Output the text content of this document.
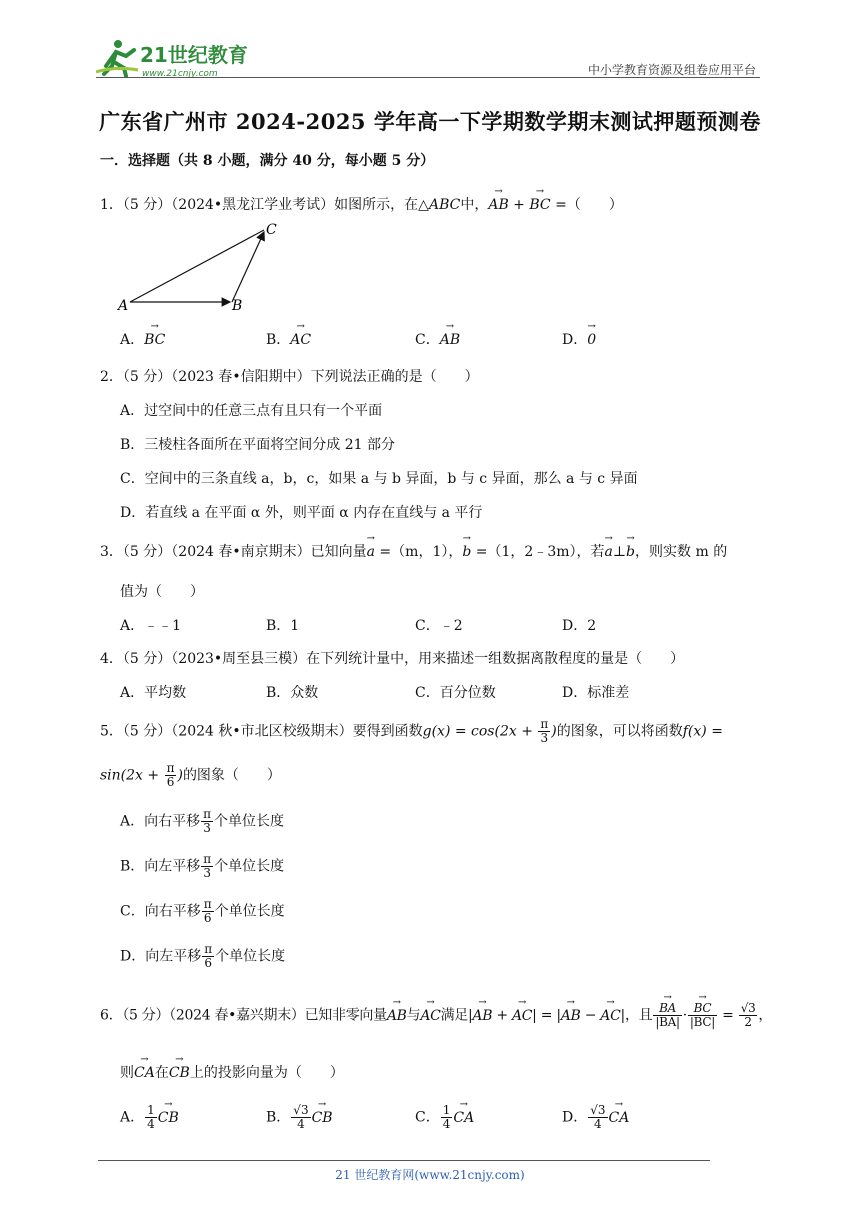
21世纪教育
www.21cnjy.com	中小学教育资源及组卷应用平台
广东省广州市 2024-2025 学年高一下学期数学期末测试押题预测卷
一．选择题（共 8 小题，满分 40 分，每小题 5 分）
1．（5 分）（2024•黑龙江学业考试）如图所示，在△ABC中，→ AB + → BC =（　　）
A	B
C
A．→ BC	B．→ AC	C．→ AB	D．→ 0
2．（5 分）（2023 春•信阳期中）下列说法正确的是（　　）
A．过空间中的任意三点有且只有一个平面
B．三棱柱各面所在平面将空间分成 21 部分
C．空间中的三条直线 a，b，c，如果 a 与 b 异面，b 与 c 异面，那么 a 与 c 异面
D．若直线 a 在平面 α 外，则平面 α 内存在直线与 a 平行
3．（5 分）（2024 春•南京期末）已知向量→ a =（m，1），→ b =（1，2﹣3m），若→ a⊥→ b，则实数 m 的
值为（　　）
A．﹣﹣1	B．1	C．﹣2	D．2
4．（5 分）（2023•周至县三模）在下列统计量中，用来描述一组数据离散程度的量是（　　）
A．平均数	B．众数	C．百分位数	D．标准差
5．（5 分）（2024 秋•市北区校级期末）要得到函数$g(x) = \cos(2x + \frac{\pi}{3}$ )的图象，可以将函数f(x) =
$\sin(2x + \frac{\pi}{6}$ )的图象（　　）
A．向右平移 $\frac{\pi}{3}$ 个单位长度
B．向左平移 $\frac{\pi}{3}$ 个单位长度
C．向右平移 $\frac{\pi}{6}$ 个单位长度
D．向左平移 $\frac{\pi}{6}$ 个单位长度
6．（5 分）（2024 春•嘉兴期末）已知非零向量→ AB与→ AC满足|→ AB + → AC| = |→ AB − → AC|，且 → $\frac{BA}{|BA|}$ · → $\frac{BC}{|BC|} = \frac{√3}{2}$ ，
则→ CA在→ CB上的投影向量为（　　）
A． $\frac{1}{4}$ → CB	B． $\frac{√3}{4}$ → CB	C． $\frac{1}{4}$ → CA	D． $\frac{√3}{4}$ → CA
21 世纪教育网(www.21cnjy.com)
